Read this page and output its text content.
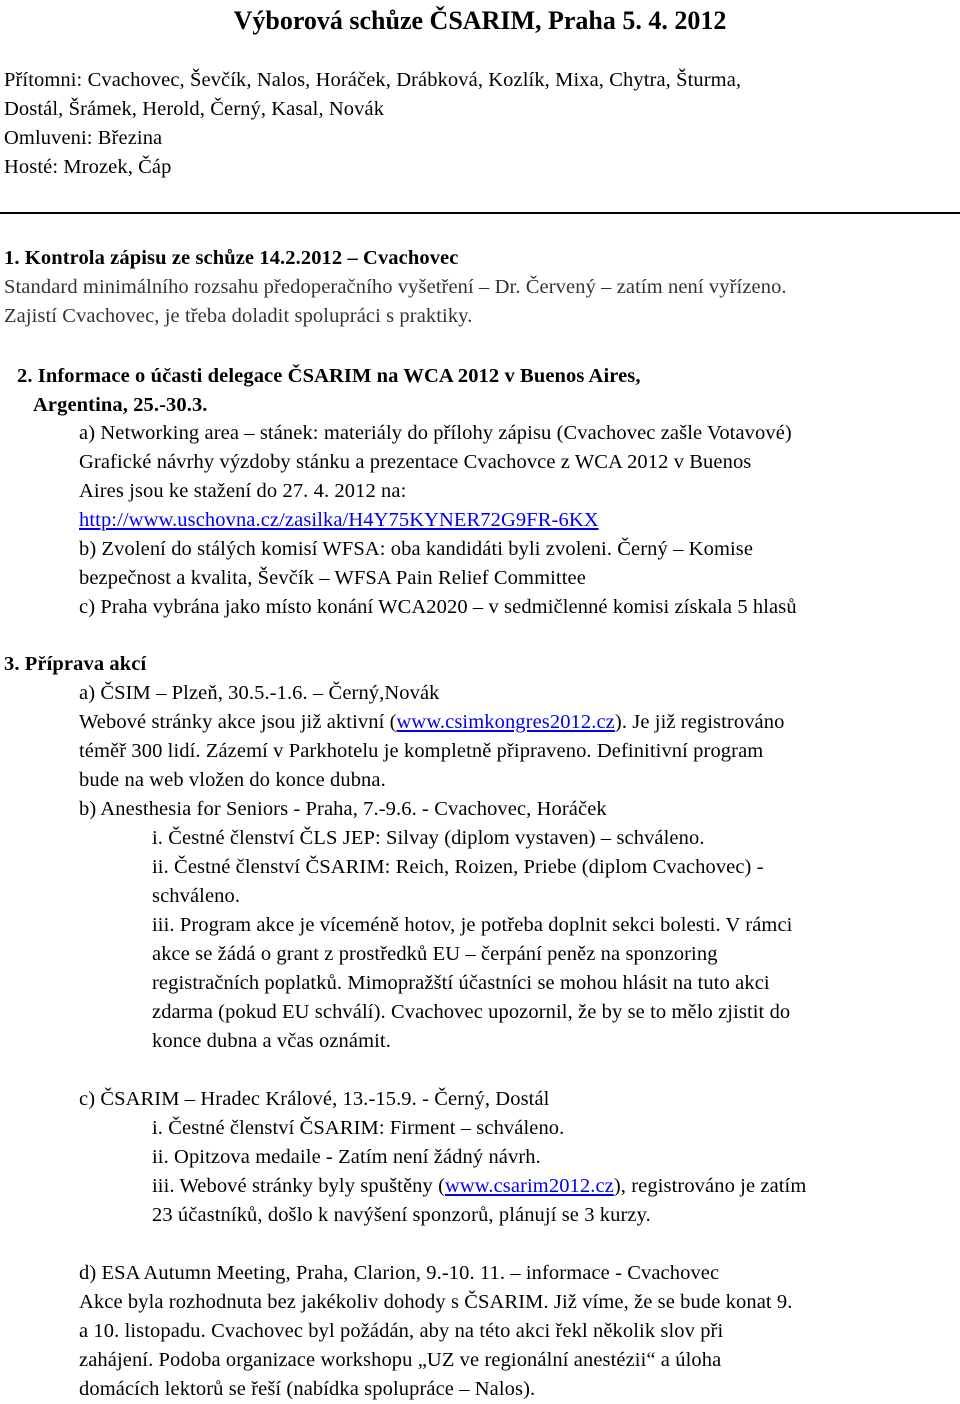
Výborová schůze ČSARIM, Praha 5. 4. 2012
Přítomni: Cvachovec, Ševčík, Nalos, Horáček, Drábková, Kozlík, Mixa, Chytra, Šturma,
Dostál, Šrámek, Herold, Černý, Kasal, Novák
Omluveni: Březina
Hosté: Mrozek, Čáp
1. Kontrola zápisu ze schůze 14.2.2012 – Cvachovec
Standard minimálního rozsahu předoperačního vyšetření – Dr. Červený – zatím není vyřízeno.
Zajistí Cvachovec, je třeba doladit spolupráci s praktiky.
2. Informace o účasti delegace ČSARIM na WCA 2012 v Buenos Aires,
Argentina, 25.-30.3.
a) Networking area – stánek: materiály do přílohy zápisu (Cvachovec zašle Votavové)
Grafické návrhy výzdoby stánku a prezentace Cvachovce z WCA 2012 v Buenos
Aires jsou ke stažení do 27. 4. 2012 na:
http://www.uschovna.cz/zasilka/H4Y75KYNER72G9FR-6KX
b) Zvolení do stálých komisí WFSA: oba kandidáti byli zvoleni. Černý – Komise
bezpečnost a kvalita, Ševčík – WFSA Pain Relief Committee
c) Praha vybrána jako místo konání WCA2020 – v sedmičlenné komisi získala 5 hlasů
3. Příprava akcí
a) ČSIM – Plzeň, 30.5.-1.6. – Černý,Novák
Webové stránky akce jsou již aktivní (www.csimkongres2012.cz). Je již registrováno
téměř 300 lidí. Zázemí v Parkhotelu je kompletně připraveno. Definitivní program
bude na web vložen do konce dubna.
b) Anesthesia for Seniors - Praha, 7.-9.6. - Cvachovec, Horáček
i. Čestné členství ČLS JEP: Silvay (diplom vystaven) – schváleno.
ii. Čestné členství ČSARIM: Reich, Roizen, Priebe (diplom Cvachovec) -
schváleno.
iii. Program akce je víceméně hotov, je potřeba doplnit sekci bolesti. V rámci
akce se žádá o grant z prostředků EU – čerpání peněz na sponzoring
registračních poplatků. Mimopražští účastníci se mohou hlásit na tuto akci
zdarma (pokud EU schválí). Cvachovec upozornil, že by se to mělo zjistit do
konce dubna a včas oznámit.
c) ČSARIM – Hradec Králové, 13.-15.9. - Černý, Dostál
i. Čestné členství ČSARIM: Firment – schváleno.
ii. Opitzova medaile - Zatím není žádný návrh.
iii. Webové stránky byly spuštěny (www.csarim2012.cz), registrováno je zatím
23 účastníků, došlo k navýšení sponzorů, plánují se 3 kurzy.
d) ESA Autumn Meeting, Praha, Clarion, 9.-10. 11. – informace - Cvachovec
Akce byla rozhodnuta bez jakékoliv dohody s ČSARIM. Již víme, že se bude konat 9.
a 10. listopadu. Cvachovec byl požádán, aby na této akci řekl několik slov při
zahájení. Podoba organizace workshopu „UZ ve regionální anestézii“ a úloha
domácích lektorů se řeší (nabídka spolupráce – Nalos).
